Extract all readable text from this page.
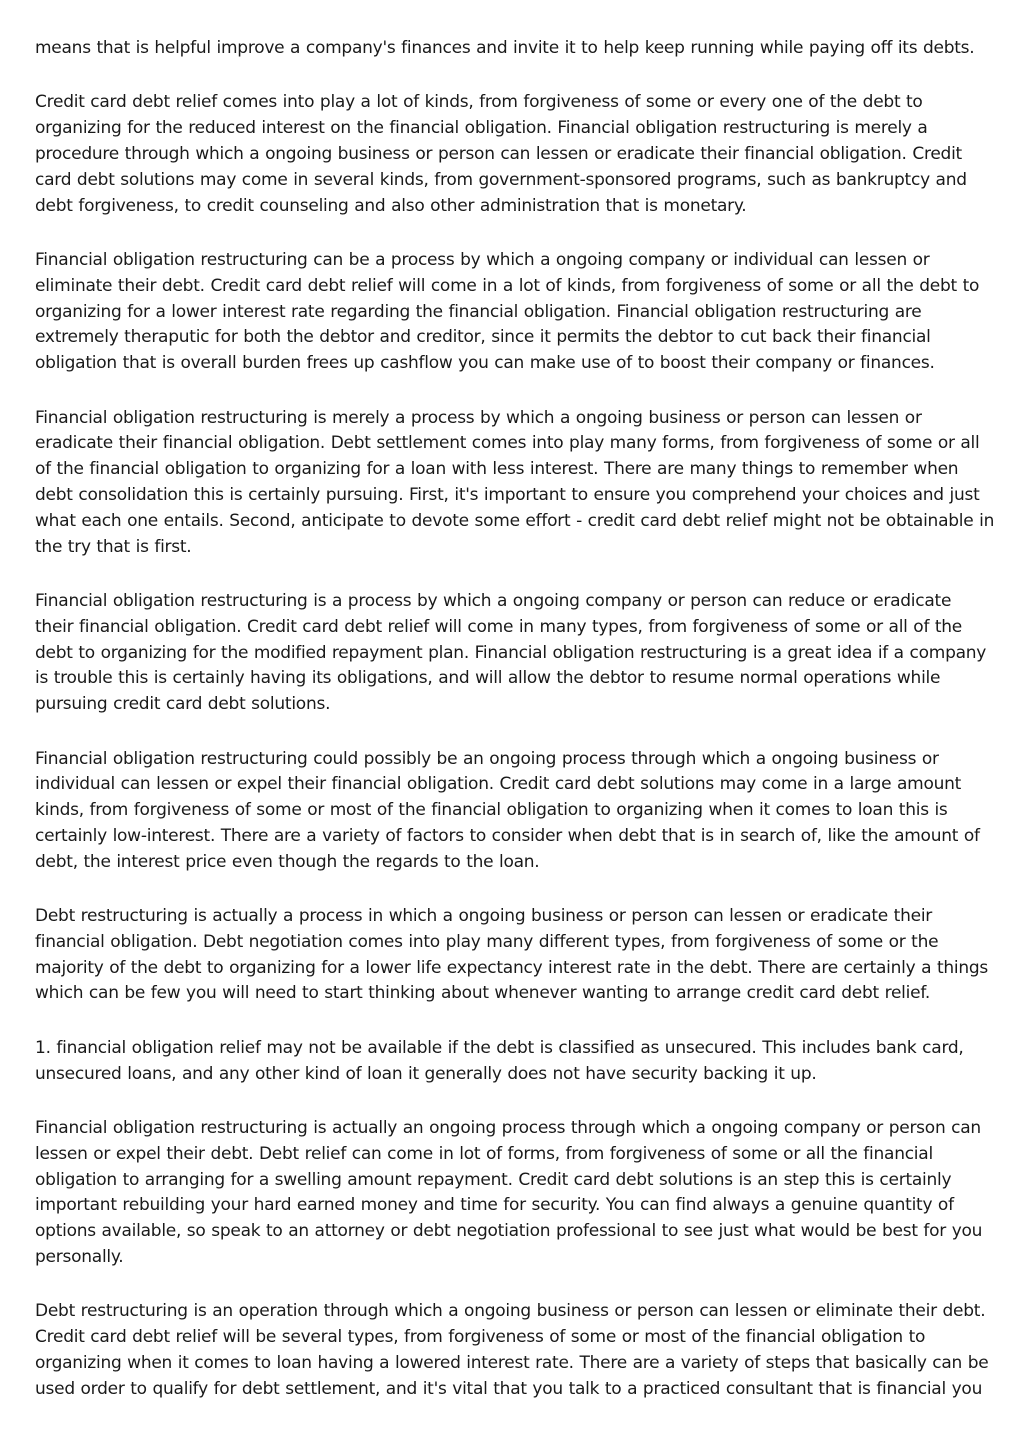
means that is helpful improve a company's finances and invite it to help keep running while paying off its debts.

Credit card debt relief comes into play a lot of kinds, from forgiveness of some or every one of the debt to organizing for the reduced interest on the financial obligation. Financial obligation restructuring is merely a procedure through which a ongoing business or person can lessen or eradicate their financial obligation. Credit card debt solutions may come in several kinds, from government-sponsored programs, such as bankruptcy and debt forgiveness, to credit counseling and also other administration that is monetary.

Financial obligation restructuring can be a process by which a ongoing company or individual can lessen or eliminate their debt. Credit card debt relief will come in a lot of kinds, from forgiveness of some or all the debt to organizing for a lower interest rate regarding the financial obligation. Financial obligation restructuring are extremely theraputic for both the debtor and creditor, since it permits the debtor to cut back their financial obligation that is overall burden frees up cashflow you can make use of to boost their company or finances.

Financial obligation restructuring is merely a process by which a ongoing business or person can lessen or eradicate their financial obligation. Debt settlement comes into play many forms, from forgiveness of some or all of the financial obligation to organizing for a loan with less interest. There are many things to remember when debt consolidation this is certainly pursuing. First, it's important to ensure you comprehend your choices and just what each one entails. Second, anticipate to devote some effort - credit card debt relief might not be obtainable in the try that is first.

Financial obligation restructuring is a process by which a ongoing company or person can reduce or eradicate their financial obligation. Credit card debt relief will come in many types, from forgiveness of some or all of the debt to organizing for the modified repayment plan. Financial obligation restructuring is a great idea if a company is trouble this is certainly having its obligations, and will allow the debtor to resume normal operations while pursuing credit card debt solutions.

Financial obligation restructuring could possibly be an ongoing process through which a ongoing business or individual can lessen or expel their financial obligation. Credit card debt solutions may come in a large amount kinds, from forgiveness of some or most of the financial obligation to organizing when it comes to loan this is certainly low-interest. There are a variety of factors to consider when debt that is in search of, like the amount of debt, the interest price even though the regards to the loan.

Debt restructuring is actually a process in which a ongoing business or person can lessen or eradicate their financial obligation. Debt negotiation comes into play many different types, from forgiveness of some or the majority of the debt to organizing for a lower life expectancy interest rate in the debt. There are certainly a things which can be few you will need to start thinking about whenever wanting to arrange credit card debt relief.

1. financial obligation relief may not be available if the debt is classified as unsecured. This includes bank card, unsecured loans, and any other kind of loan it generally does not have security backing it up.

Financial obligation restructuring is actually an ongoing process through which a ongoing company or person can lessen or expel their debt. Debt relief can come in lot of forms, from forgiveness of some or all the financial obligation to arranging for a swelling amount repayment. Credit card debt solutions is an step this is certainly important rebuilding your hard earned money and time for security. You can find always a genuine quantity of options available, so speak to an attorney or debt negotiation professional to see just what would be best for you personally.

Debt restructuring is an operation through which a ongoing business or person can lessen or eliminate their debt. Credit card debt relief will be several types, from forgiveness of some or most of the financial obligation to organizing when it comes to loan having a lowered interest rate. There are a variety of steps that basically can be used order to qualify for debt settlement, and it's vital that you talk to a practiced consultant that is financial you
